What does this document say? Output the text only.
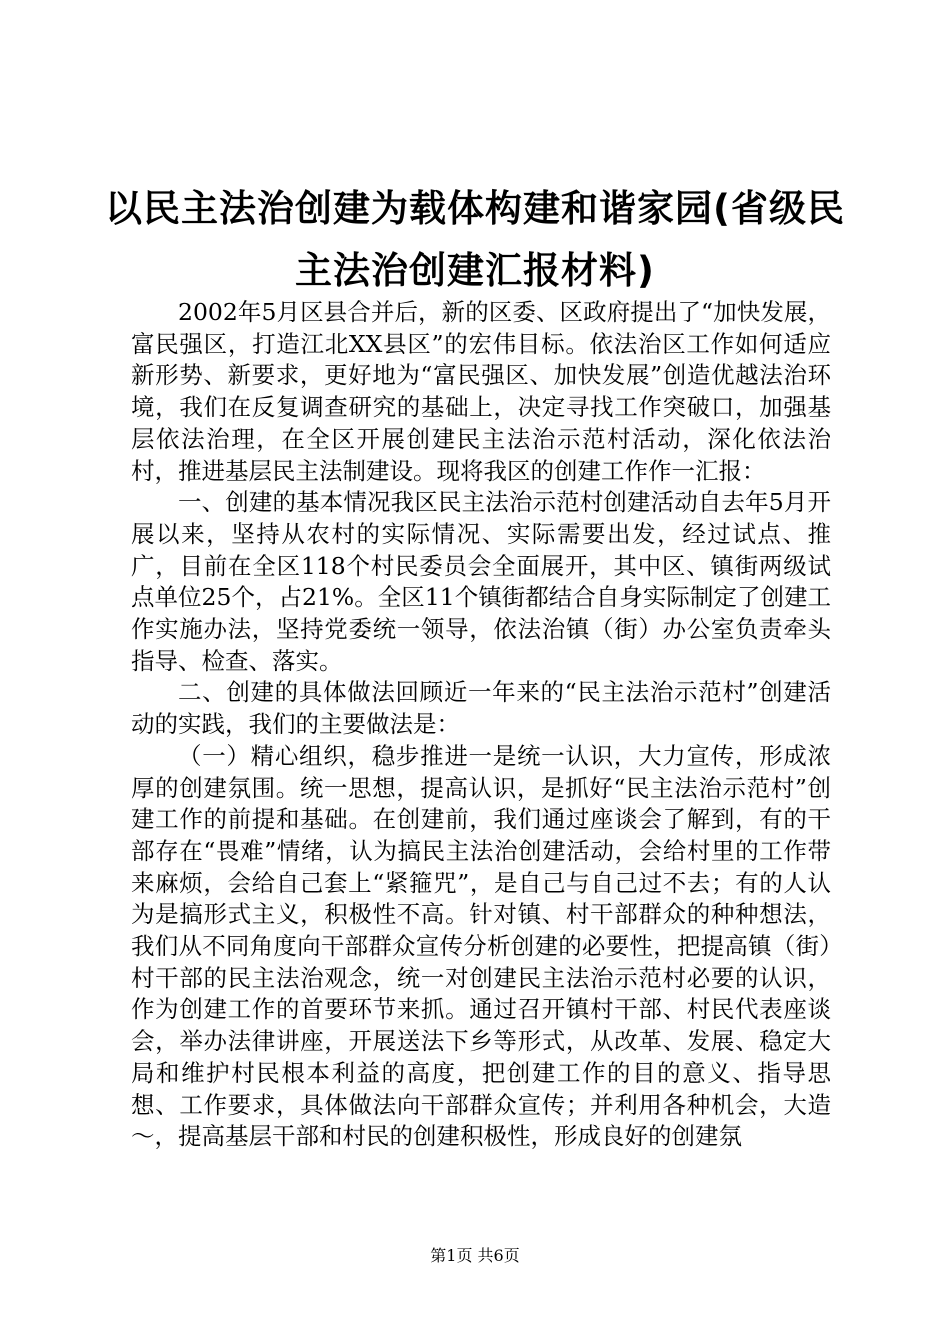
以民主法治创建为载体构建和谐家园(省级民
主法治创建汇报材料)

2002年5月区县合并后，新的区委、区政府提出了“加快发展，富民强区，打造江北XX县区”的宏伟目标。依法治区工作如何适应新形势、新要求，更好地为“富民强区、加快发展”创造优越法治环境，我们在反复调查研究的基础上，决定寻找工作突破口，加强基层依法治理，在全区开展创建民主法治示范村活动，深化依法治村，推进基层民主法制建设。现将我区的创建工作作一汇报：

一、创建的基本情况我区民主法治示范村创建活动自去年5月开展以来，坚持从农村的实际情况、实际需要出发，经过试点、推广，目前在全区118个村民委员会全面展开，其中区、镇街两级试点单位25个，占21%。全区11个镇街都结合自身实际制定了创建工作实施办法，坚持党委统一领导，依法治镇（街）办公室负责牵头指导、检查、落实。

二、创建的具体做法回顾近一年来的“民主法治示范村”创建活动的实践，我们的主要做法是：

（一）精心组织，稳步推进一是统一认识，大力宣传，形成浓厚的创建氛围。统一思想，提高认识，是抓好“民主法治示范村”创建工作的前提和基础。在创建前，我们通过座谈会了解到，有的干部存在“畏难”情绪，认为搞民主法治创建活动，会给村里的工作带来麻烦，会给自己套上“紧箍咒”，是自己与自己过不去；有的人认为是搞形式主义，积极性不高。针对镇、村干部群众的种种想法，我们从不同角度向干部群众宣传分析创建的必要性，把提高镇（街）村干部的民主法治观念，统一对创建民主法治示范村必要的认识，作为创建工作的首要环节来抓。通过召开镇村干部、村民代表座谈会，举办法律讲座，开展送法下乡等形式，从改革、发展、稳定大局和维护村民根本利益的高度，把创建工作的目的意义、指导思想、工作要求，具体做法向干部群众宣传；并利用各种机会，大造～，提高基层干部和村民的创建积极性，形成良好的创建氛

第1页 共6页
